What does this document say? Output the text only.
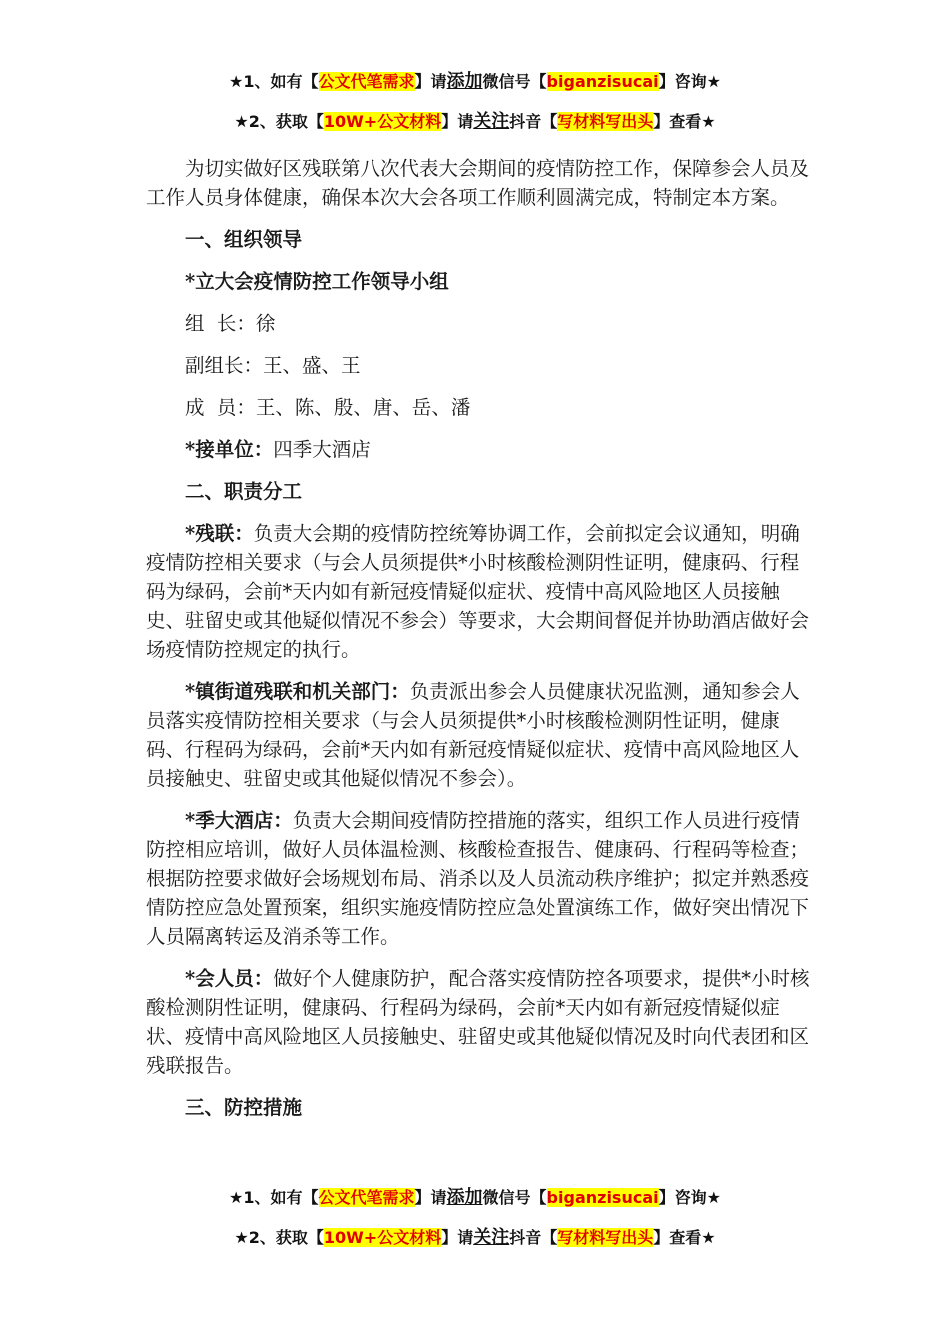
★1、如有【公文代笔需求】请添加微信号【biganzisucai】咨询★
★2、获取【10W+公文材料】请关注抖音【写材料写出头】查看★

为切实做好区残联第八次代表大会期间的疫情防控工作，保障参会人员及工作人员身体健康，确保本次大会各项工作顺利圆满完成，特制定本方案。

一、组织领导

*立大会疫情防控工作领导小组

组  长：徐

副组长：王、盛、王

成  员：王、陈、殷、唐、岳、潘

*接单位：四季大酒店

二、职责分工

*残联：负责大会期的疫情防控统筹协调工作，会前拟定会议通知，明确疫情防控相关要求（与会人员须提供*小时核酸检测阴性证明，健康码、行程码为绿码，会前*天内如有新冠疫情疑似症状、疫情中高风险地区人员接触史、驻留史或其他疑似情况不参会）等要求，大会期间督促并协助酒店做好会场疫情防控规定的执行。

*镇街道残联和机关部门：负责派出参会人员健康状况监测，通知参会人员落实疫情防控相关要求（与会人员须提供*小时核酸检测阴性证明，健康码、行程码为绿码，会前*天内如有新冠疫情疑似症状、疫情中高风险地区人员接触史、驻留史或其他疑似情况不参会）。

*季大酒店：负责大会期间疫情防控措施的落实，组织工作人员进行疫情防控相应培训，做好人员体温检测、核酸检查报告、健康码、行程码等检查；根据防控要求做好会场规划布局、消杀以及人员流动秩序维护；拟定并熟悉疫情防控应急处置预案，组织实施疫情防控应急处置演练工作，做好突出情况下人员隔离转运及消杀等工作。

*会人员：做好个人健康防护，配合落实疫情防控各项要求，提供*小时核酸检测阴性证明，健康码、行程码为绿码，会前*天内如有新冠疫情疑似症状、疫情中高风险地区人员接触史、驻留史或其他疑似情况及时向代表团和区残联报告。

三、防控措施

★1、如有【公文代笔需求】请添加微信号【biganzisucai】咨询★
★2、获取【10W+公文材料】请关注抖音【写材料写出头】查看★
